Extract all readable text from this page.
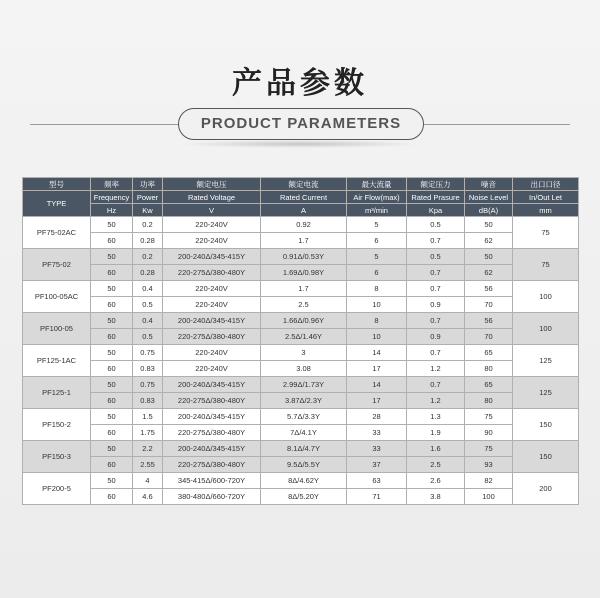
产品参数
PRODUCT PARAMETERS
型号	频率	功率	额定电压	额定电流	最大流量	额定压力	噪音	出口口径
TYPE	Frequency	Power	Rated Voltage	Rated Current	Air Flow(max)	Rated Prasure	Noise Level	In/Out Let
	Hz	Kw	V	A	m³/min	Kpa	dB(A)	mm
PF75-02AC	50	0.2	220-240V	0.92	5	0.5	50	75
	60	0.28	220-240V	1.7	6	0.7	62	
PF75-02	50	0.2	200-240Δ/345-415Y	0.91Δ/0.53Y	5	0.5	50	75
	60	0.28	220-275Δ/380-480Y	1.69Δ/0.98Y	6	0.7	62	
PF100-05AC	50	0.4	220-240V	1.7	8	0.7	56	100
	60	0.5	220-240V	2.5	10	0.9	70	
PF100-05	50	0.4	200-240Δ/345-415Y	1.66Δ/0.96Y	8	0.7	56	100
	60	0.5	220-275Δ/380-480Y	2.5Δ/1.46Y	10	0.9	70	
PF125-1AC	50	0.75	220-240V	3	14	0.7	65	125
	60	0.83	220-240V	3.08	17	1.2	80	
PF125-1	50	0.75	200-240Δ/345-415Y	2.99Δ/1.73Y	14	0.7	65	125
	60	0.83	220-275Δ/380-480Y	3.87Δ/2.3Y	17	1.2	80	
PF150-2	50	1.5	200-240Δ/345-415Y	5.7Δ/3.3Y	28	1.3	75	150
	60	1.75	220-275Δ/380-480Y	7Δ/4.1Y	33	1.9	90	
PF150-3	50	2.2	200-240Δ/345-415Y	8.1Δ/4.7Y	33	1.6	75	150
	60	2.55	220-275Δ/380-480Y	9.5Δ/5.5Y	37	2.5	93	
PF200-5	50	4	345-415Δ/600-720Y	8Δ/4.62Y	63	2.6	82	200
	60	4.6	380-480Δ/660-720Y	8Δ/5.20Y	71	3.8	100	
